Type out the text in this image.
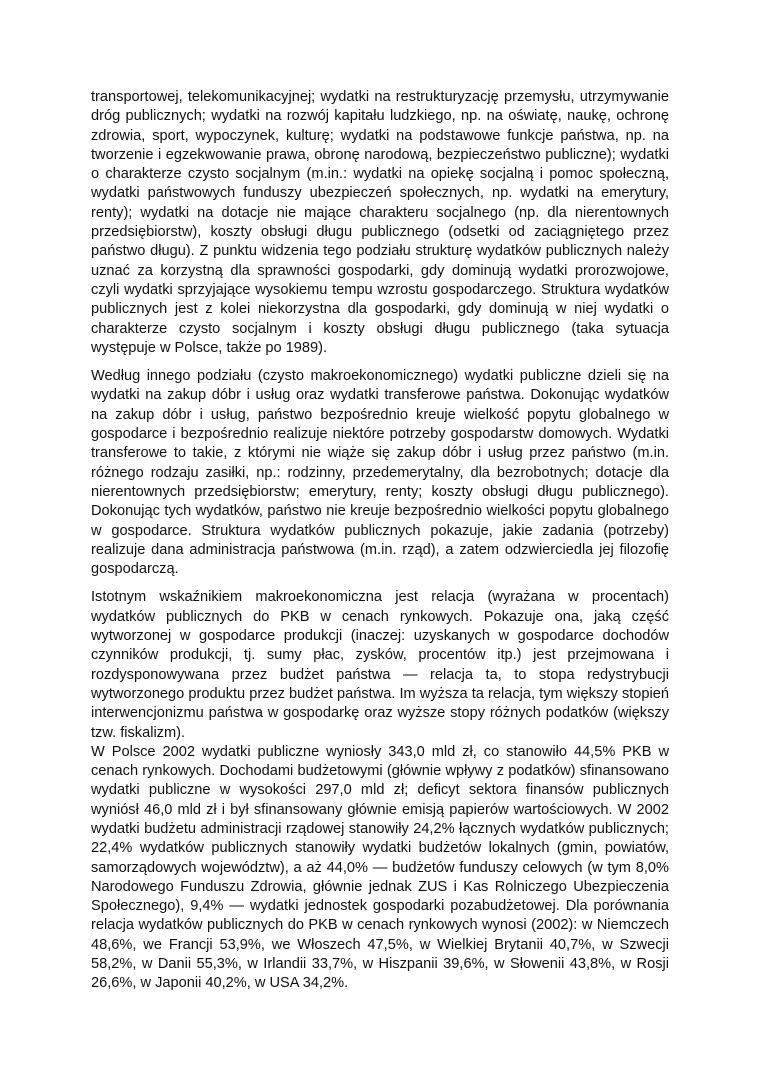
transportowej, telekomunikacyjnej; wydatki na restrukturyzację przemysłu, utrzymywanie dróg publicznych; wydatki na rozwój kapitału ludzkiego, np. na oświatę, naukę, ochronę zdrowia, sport, wypoczynek, kulturę; wydatki na podstawowe funkcje państwa, np. na tworzenie i egzekwowanie prawa, obronę narodową, bezpieczeństwo publiczne); wydatki o charakterze czysto socjalnym (m.in.: wydatki na opiekę socjalną i pomoc społeczną, wydatki państwowych funduszy ubezpieczeń społecznych, np. wydatki na emerytury, renty); wydatki na dotacje nie mające charakteru socjalnego (np. dla nierentownych przedsiębiorstw), koszty obsługi długu publicznego (odsetki od zaciągniętego przez państwo długu). Z punktu widzenia tego podziału strukturę wydatków publicznych należy uznać za korzystną dla sprawności gospodarki, gdy dominują wydatki prorozwojowe, czyli wydatki sprzyjające wysokiemu tempu wzrostu gospodarczego. Struktura wydatków publicznych jest z kolei niekorzystna dla gospodarki, gdy dominują w niej wydatki o charakterze czysto socjalnym i koszty obsługi długu publicznego (taka sytuacja występuje w Polsce, także po 1989).

Według innego podziału (czysto makroekonomicznego) wydatki publiczne dzieli się na wydatki na zakup dóbr i usług oraz wydatki transferowe państwa. Dokonując wydatków na zakup dóbr i usług, państwo bezpośrednio kreuje wielkość popytu globalnego w gospodarce i bezpośrednio realizuje niektóre potrzeby gospodarstw domowych. Wydatki transferowe to takie, z którymi nie wiąże się zakup dóbr i usług przez państwo (m.in. różnego rodzaju zasiłki, np.: rodzinny, przedemerytalny, dla bezrobotnych; dotacje dla nierentownych przedsiębiorstw; emerytury, renty; koszty obsługi długu publicznego). Dokonując tych wydatków, państwo nie kreuje bezpośrednio wielkości popytu globalnego w gospodarce. Struktura wydatków publicznych pokazuje, jakie zadania (potrzeby) realizuje dana administracja państwowa (m.in. rząd), a zatem odzwierciedla jej filozofię gospodarczą.

Istotnym wskaźnikiem makroekonomiczna jest relacja (wyrażana w procentach) wydatków publicznych do PKB w cenach rynkowych. Pokazuje ona, jaką część wytworzonej w gospodarce produkcji (inaczej: uzyskanych w gospodarce dochodów czynników produkcji, tj. sumy płac, zysków, procentów itp.) jest przejmowana i rozdysponowywana przez budżet państwa — relacja ta, to stopa redystrybucji wytworzonego produktu przez budżet państwa. Im wyższa ta relacja, tym większy stopień interwencjonizmu państwa w gospodarkę oraz wyższe stopy różnych podatków (większy tzw. fiskalizm).

W Polsce 2002 wydatki publiczne wyniosły 343,0 mld zł, co stanowiło 44,5% PKB w cenach rynkowych. Dochodami budżetowymi (głównie wpływy z podatków) sfinansowano wydatki publiczne w wysokości 297,0 mld zł; deficyt sektora finansów publicznych wyniósł 46,0 mld zł i był sfinansowany głównie emisją papierów wartościowych. W 2002 wydatki budżetu administracji rządowej stanowiły 24,2% łącznych wydatków publicznych; 22,4% wydatków publicznych stanowiły wydatki budżetów lokalnych (gmin, powiatów, samorządowych województw), a aż 44,0% — budżetów funduszy celowych (w tym 8,0% Narodowego Funduszu Zdrowia, głównie jednak ZUS i Kas Rolniczego Ubezpieczenia Społecznego), 9,4% — wydatki jednostek gospodarki pozabudżetowej. Dla porównania relacja wydatków publicznych do PKB w cenach rynkowych wynosi (2002): w Niemczech 48,6%, we Francji 53,9%, we Włoszech 47,5%, w Wielkiej Brytanii 40,7%, w Szwecji 58,2%, w Danii 55,3%, w Irlandii 33,7%, w Hiszpanii 39,6%, w Słowenii 43,8%, w Rosji 26,6%, w Japonii 40,2%, w USA 34,2%.
